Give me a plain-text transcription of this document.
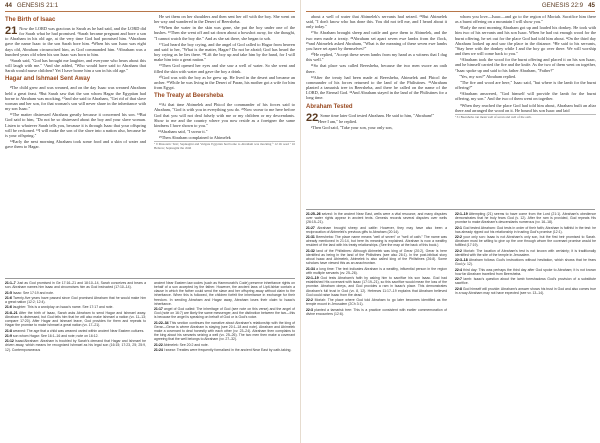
44 GENESIS 21:1
The Birth of Isaac

21 Now the LORD was gracious to Sarah as he had said, and the LORD did for Sarah what he had promised. ²Sarah became pregnant and bore a son to Abraham in his old age, at the very time God had promised him. ³Abraham gave the name Isaac to the son Sarah bore him. ⁴When his son Isaac was eight days old, Abraham circumcised him, as God commanded him. ⁵Abraham was a hundred years old when his son Isaac was born to him.

⁶Sarah said, "God has brought me laughter, and everyone who hears about this will laugh with me." ⁷And she added, "Who would have said to Abraham that Sarah would nurse children? Yet I have borne him a son in his old age."

Hagar and Ishmael Sent Away

⁸The child grew and was weaned, and on the day Isaac was weaned Abraham held a great feast. ⁹But Sarah saw that the son whom Hagar the Egyptian had borne to Abraham was mocking, ¹⁰and she said to Abraham, "Get rid of that slave woman and her son, for that woman's son will never share in the inheritance with my son Isaac."

¹¹The matter distressed Abraham greatly because it concerned his son. ¹²But God said to him, "Do not be so distressed about the boy and your slave woman. Listen to whatever Sarah tells you, because it is through Isaac that your offspring will be reckoned. ¹³I will make the son of the slave into a nation also, because he is your offspring."

¹⁴Early the next morning Abraham took some food and a skin of water and gave them to Hagar.

He set them on her shoulders and then sent her off with the boy. She went on her way and wandered in the Desert of Beersheba.

¹⁵When the water in the skin was gone, she put the boy under one of the bushes. ¹⁶Then she went off and sat down about a bowshot away, for she thought, "I cannot watch the boy die." And as she sat there, she began to sob.

¹⁷God heard the boy crying, and the angel of God called to Hagar from heaven and said to her, "What is the matter, Hagar? Do not be afraid; God has heard the boy crying as he lies there. ¹⁸Lift the boy up and take him by the hand, for I will make him into a great nation."

¹⁹Then God opened her eyes and she saw a well of water. So she went and filled the skin with water and gave the boy a drink.

²⁰God was with the boy as he grew up. He lived in the desert and became an archer. ²¹While he was living in the Desert of Paran, his mother got a wife for him from Egypt.

The Treaty at Beersheba

²²At that time Abimelek and Phicol the commander of his forces said to Abraham, "God is with you in everything you do. ²³Now swear to me here before God that you will not deal falsely with me or my children or my descendants. Show to me and the country where you now reside as a foreigner the same kindness I have shown to you."

²⁴Abraham said, "I swear it."

²⁵Then Abraham complained to Abimelek

ᵃ 9 Masoretic Text; Septuagint and Vulgate Egyptian had borne to Abraham was mocking ᵇ 12 Or seed ᶜ 16 Hebrew; Septuagint the child

21:1–7 Just as God promised in Ge 17:16–21 and 18:10–14, Sarah conceives and bears a son. Abraham names him Isaac and circumcises him as God instructed (17:10–14).

21:5 Isaac: See 17:19 and note.

21:6 Twenty-five years have passed since God promised Abraham that he would make him a great nation (12:2; 12:4).

21:6 laughter: This is a wordplay on Isaac's name. See 17:17 and note.

21:8–21 After the birth of Isaac, Sarah asks Abraham to send Hagar and Ishmael away. Abraham is distressed, but God tells him that he will also make Ishmael a nation (vv. 11–13; compare 17:20). After Hagar and Ishmael leave, God provides for them and repeats to Hagar the promise to make Ishmael a great nation (vv. 17–21).

21:8 weaned: The age that a child was weaned varied within ancient Near Eastern cultures.

21:9 son whom Hagar: See 16:1–16 and note; note on 16:12.

21:12 Isaac/Abraham: Abraham is troubled by Sarah's demand that Hagar and Ishmael be driven away, which means he recognized Ishmael as his legal son (16:15; 17:23, 25; 25:9, 12). Contemporaneous

ancient Near Eastern law codes (such as Hammurabi's Code) preserve inheritance rights on behalf of a son accepted by the father. However, the ancient laws of Lipit-Ishtar contain a clause in which the father could send the slave and her offspring away without claim to the inheritance. When this is followed, the children forfeit the inheritance in exchange for their freedom. In sending Abraham and Hagar away, Abraham loses their claim to Isaac's inheritance.

21:17 angel of God called: The inheritage of God (see note on this verse) and the angel of God (note on 16:7) are likely the same messenger, and the distinction between the two—this is because the angel is speaking on behalf of God or is God's voice.

21:22–34 This section continues the narrative about Abraham's relationship with the king of Gerar—Gerar is where Abraham is staying (see 20:1–18 and note). Abraham and Abimelek make a covenant to deal honestly with each other (vv. 23–24). Abraham then complains to the king about his servants seizing a well (vv. 25–26). The two men then make a covenant agreeing that the well belongs to Abraham (vv. 27–32).

21:22 Abimelek: See 20:2 and note.

21:24 I swear: Treaties were frequently formalized in the ancient Near East by oath-taking.

GENESIS 22:9 45

about a well of water that Abimelek's servants had seized. ²⁶But Abimelek said, "I don't know who has done this. You did not tell me, and I heard about it only today."

²⁷So Abraham brought sheep and cattle and gave them to Abimelek, and the two men made a treaty. ²⁸Abraham set apart seven ewe lambs from the flock, ²⁹and Abimelek asked Abraham, "What is the meaning of these seven ewe lambs you have set apart by themselves?"

³⁰He replied, "Accept these seven lambs from my hand as a witness that I dug this well."

³¹So that place was called Beersheba, because the two men swore an oath there.

³²After the treaty had been made at Beersheba, Abimelek and Phicol the commander of his forces returned to the land of the Philistines. ³³Abraham planted a tamarisk tree in Beersheba, and there he called on the name of the LORD, the Eternal God. ³⁴And Abraham stayed in the land of the Philistines for a long time.

Abraham Tested

22 Some time later God tested Abraham. He said to him, "Abraham!"

"Here I am," he replied.

²Then God said, "Take your son, your only son,

whom you love—Isaac—and go to the region of Moriah. Sacrifice him there as a burnt offering on a mountain I will show you."

³Early the next morning Abraham got up and loaded his donkey. He took with him two of his servants and his son Isaac. When he had cut enough wood for the burnt offering, he set out for the place God had told him about. ⁴On the third day Abraham looked up and saw the place in the distance. ⁵He said to his servants, "Stay here with the donkey while I and the boy go over there. We will worship and then we will come back to you."

⁶Abraham took the wood for the burnt offering and placed it on his son Isaac, and he himself carried the fire and the knife. As the two of them went on together, ⁷Isaac spoke up and said to his father Abraham, "Father?"

"Yes, my son?" Abraham replied.

"The fire and wood are here," Isaac said, "but where is the lamb for the burnt offering?"

⁸Abraham answered, "God himself will provide the lamb for the burnt offering, my son." And the two of them went on together.

⁹When they reached the place God had told him about, Abraham built an altar there and arranged the wood on it. He bound his son Isaac and laid

ᵃ 31 Beersheba can mean well of seven and well of the oath.

21:25–26 seized: In the ancient Near East, wells were a vital resource, and many disputes over water rights appear in ancient texts. Genesis records several disputes over wells (26:15–21).

21:27 Abraham brought sheep and cattle: However, they may have also been a reciprocation of Abimelek's previous gifts to Abraham (20:14).

21:31 Beersheba: The place name means "well of seven" or "well of oath." The name was already mentioned in 21:14, but here its meaning is explained. Abraham is now a wealthy resident of the land with his treaty relationships. (See the map at the back of this book.)

21:32 land of the Philistines: Although Abimelek was king of Gerar (20:2), Gerar is here identified as being in the land of the Philistines (see also 26:1). In the post-biblical story about Isaac and Abimelek, Abimelek is also called king of the Philistines (26:8). Some scholars have viewed this as an anachronism.

21:34 a long time: The text indicates Abraham is a wealthy, influential person in the region with multiple servants (vv. 25–26).

22:1–19 God tests Abraham's faith by asking him to sacrifice his son Isaac. God had established His covenant with Isaac (17:19–21), so this sacrifice would mean the loss of the promise. Abraham obeys, and God provides a ram in Isaac's place. This demonstrates Abraham's full trust in God (vv. 8, 12). Hebrews 11:17–19 explains that Abraham believed God could raise Isaac from the dead.

22:2 Moriah: The place where God told Abraham to go later becomes identified as the temple mount in Jerusalem (2Ch 3:1).

22:3 planted a tamarisk tree: This is a practice consistent with earlier commemoration of divine encounters (12:6).

22:1–19 Attempting (21) seems to have come from the Lord (21:1). Abraham's obedience demonstrates that he truly fears God (v. 12). After the ram is provided, God repeats His promise to make Abraham's descendants numerous (vv. 16–18).

22:1 God tested Abraham: God tests in order of their faith; Abraham is faithful in the test: he has already ripped out his relationship in trusting God's promise (12:1).

22:2 your only son: Isaac is not Abraham's only son, but the first heir promised to Sarah. Abraham must be willing to give up the one through whom the covenant promise would be fulfilled (17:19).

22:2 Moriah: The location of Abraham's test is not known with certainty; it is traditionally identified with the site of the temple in Jerusalem.

22:3–18 Abraham follows God's instructions without hesitation, which shows that he fears God (v. 12).

22:4 third day: This was perhaps the third day after God spoke to Abraham; it is not known how far Abraham travelled from Beersheba.

22:7 lamb: Isaac's question about the lamb foreshadows God's provision of a substitute sacrifice.

22:8 God himself will provide: Abraham's answer shows his trust in God and also comes true in a way Abraham may not have expected (see vv. 13–14).
